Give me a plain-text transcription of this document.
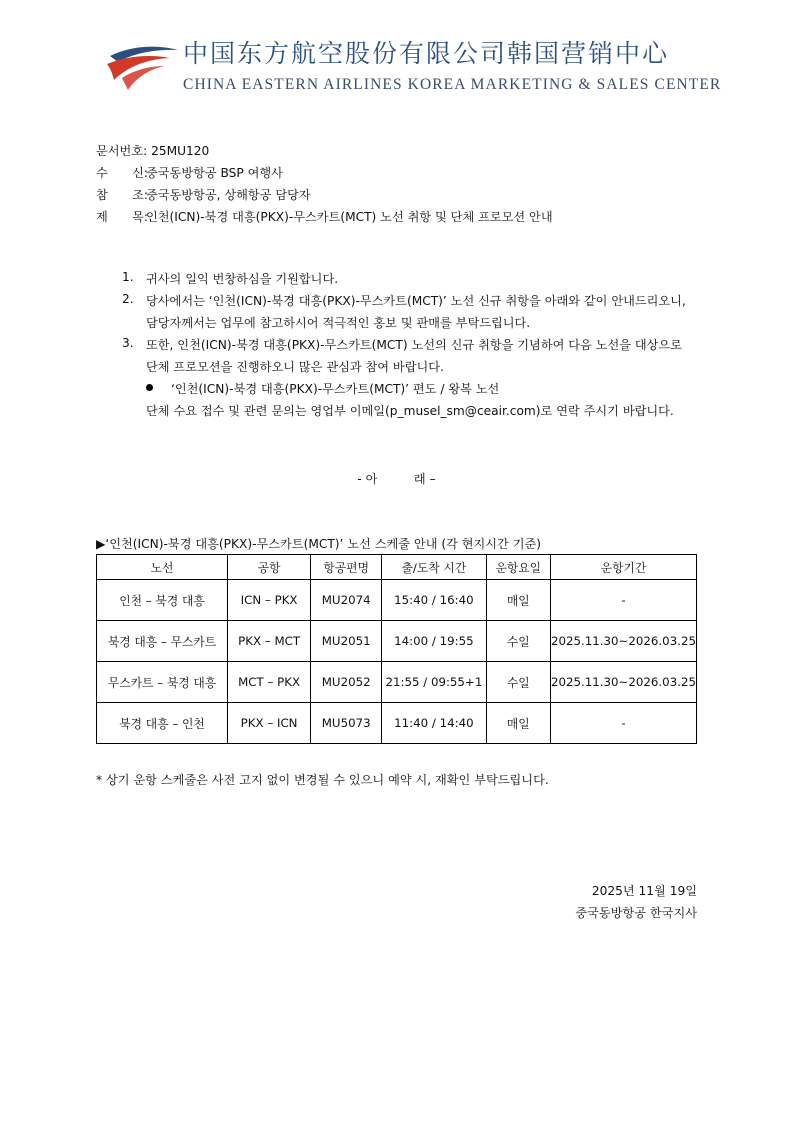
中国东方航空股份有限公司韩国营销中心
CHINA EASTERN AIRLINES KOREA MARKETING & SALES CENTER
문서번호: 25MU120
수　　신:중국동방항공 BSP 여행사
참　　조:중국동방항공, 상해항공 담당자
제　　목:인천(ICN)-북경 대흥(PKX)-무스카트(MCT) 노선 취항 및 단체 프로모션 안내
1. 귀사의 일익 번창하심을 기원합니다.
2. 당사에서는 ‘인천(ICN)-북경 대흥(PKX)-무스카트(MCT)’ 노선 신규 취항을 아래와 같이 안내드리오니,
담당자께서는 업무에 참고하시어 적극적인 홍보 및 판매를 부탁드립니다.
3. 또한, 인천(ICN)-북경 대흥(PKX)-무스카트(MCT) 노선의 신규 취항을 기념하여 다음 노선을 대상으로
단체 프로모션을 진행하오니 많은 관심과 참여 바랍니다.
‘인천(ICN)-북경 대흥(PKX)-무스카트(MCT)’ 편도 / 왕복 노선
단체 수요 접수 및 관련 문의는 영업부 이메일(p_musel_sm@ceair.com)로 연락 주시기 바랍니다.
- 아　　　래 –
▶‘인천(ICN)-북경 대흥(PKX)-무스카트(MCT)’ 노선 스케줄 안내 (각 현지시간 기준)
노선	공항	항공편명	출/도착 시간	운항요일	운항기간
인천 – 북경 대흥	ICN – PKX	MU2074	15:40 / 16:40	매일	-
북경 대흥 – 무스카트	PKX – MCT	MU2051	14:00 / 19:55	수일	2025.11.30~2026.03.25
무스카트 – 북경 대흥	MCT – PKX	MU2052	21:55 / 09:55+1	수일	2025.11.30~2026.03.25
북경 대흥 – 인천	PKX – ICN	MU5073	11:40 / 14:40	매일	-
* 상기 운항 스케줄은 사전 고지 없이 변경될 수 있으니 예약 시, 재확인 부탁드립니다.
2025년 11월 19일
중국동방항공 한국지사
